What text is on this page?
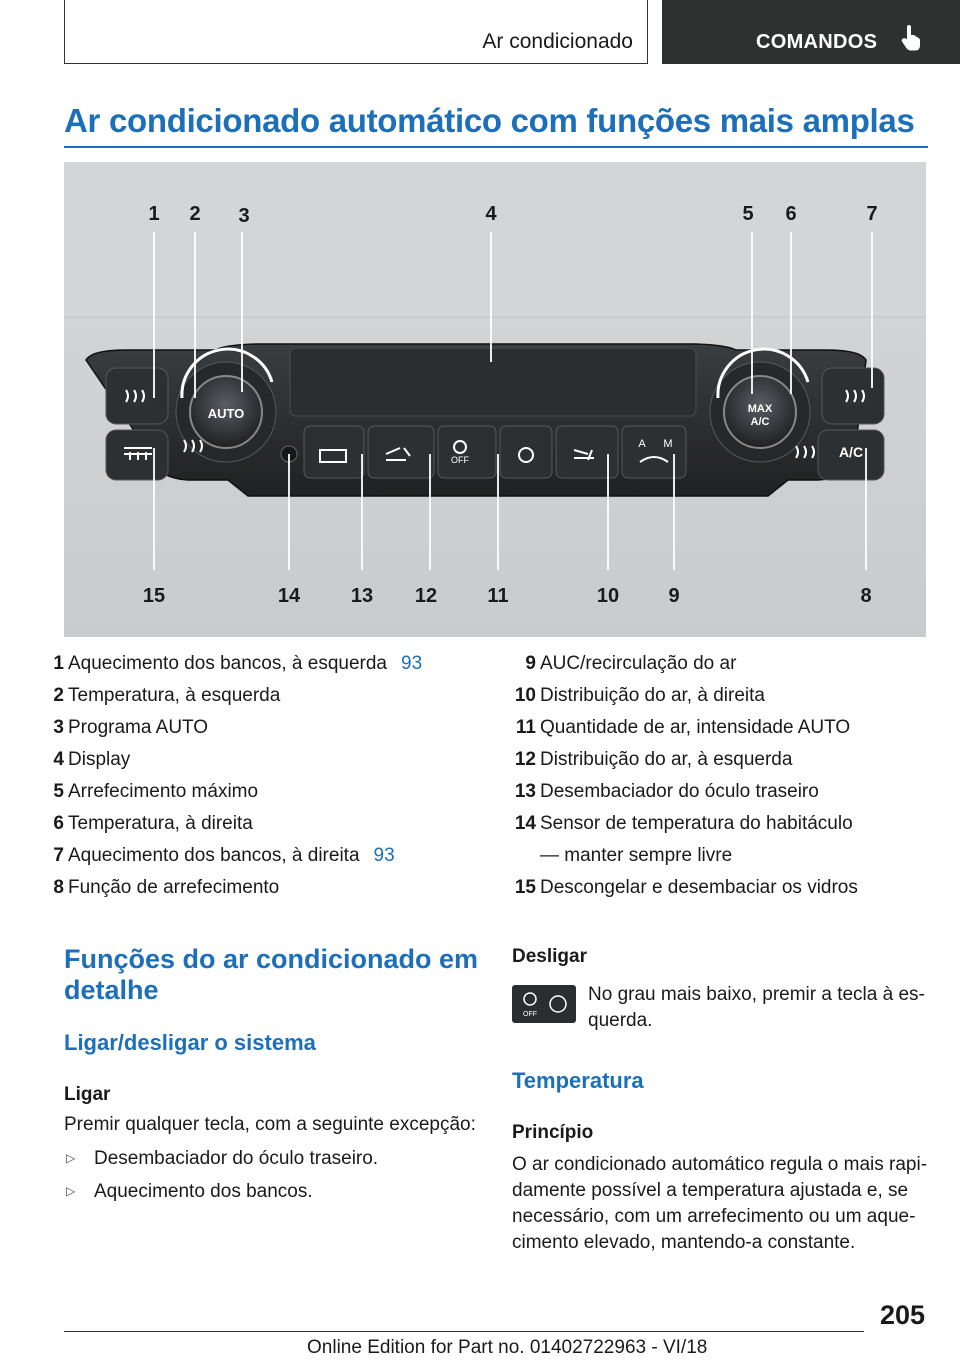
Ar condicionado	COMANDOS
Ar condicionado automático com funções mais amplas
A/C
AUTO	MAX
A/C
OFF
A M
1 2 3	4	5 6	7
15	14	13 12	11	10 9	8
1 Aquecimento dos bancos, à esquerda 93
2 Temperatura, à esquerda
3 Programa AUTO
4 Display
5 Arrefecimento máximo
6 Temperatura, à direita
7 Aquecimento dos bancos, à direita 93
8 Função de arrefecimento
9 AUC/recirculação do ar
10 Distribuição do ar, à direita
11 Quantidade de ar, intensidade AUTO
12 Distribuição do ar, à esquerda
13 Desembaciador do óculo traseiro
14 Sensor de temperatura do habitáculo — manter sempre livre
15 Descongelar e desembaciar os vidros
Funções do ar condicionado em detalhe
Ligar/desligar o sistema
Ligar

Premir qualquer tecla, com a seguinte excepção:

▷ Desembaciador do óculo traseiro.
▷ Aquecimento dos bancos.
Desligar
OFF

No grau mais baixo, premir a tecla à es‐querda.

Temperatura
Princípio

O ar condicionado automático regula o mais rapi‐damente possível a temperatura ajustada e, se necessário, com um arrefecimento ou um aque‐cimento elevado, mantendo-a constante.

205
Online Edition for Part no. 01402722963 - VI/18
